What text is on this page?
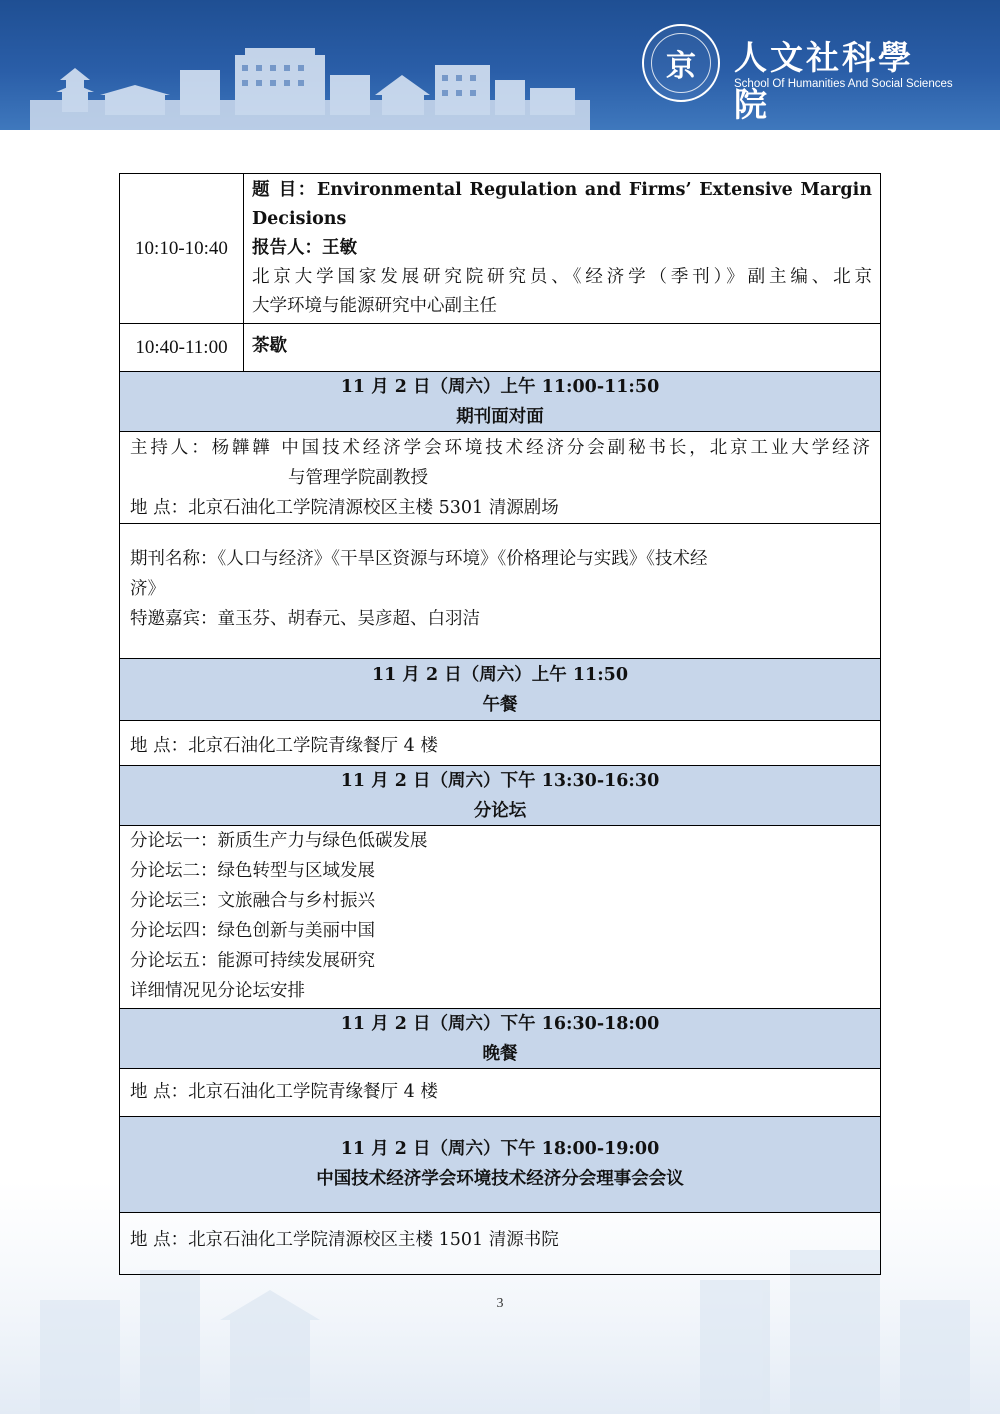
京	人文社科學院
School Of Humanities And Social Sciences
10:10-10:40
题 目：Environmental Regulation and Firms’ Extensive Margin
Decisions
报告人：王敏
北京大学国家发展研究院研究员、《经济学（季刊）》副主编、北京
大学环境与能源研究中心副主任
10:40-11:00	茶歇
11 月 2 日（周六）上午 11:00-11:50
期刊面对面
主持人：杨韡韡 中国技术经济学会环境技术经济分会副秘书长，北京工业大学经济
与管理学院副教授
地 点：北京石油化工学院清源校区主楼 5301 清源剧场
期刊名称：《人口与经济》《干旱区资源与环境》《价格理论与实践》《技术经
济》
特邀嘉宾：童玉芬、胡春元、吴彦超、白羽洁
11 月 2 日（周六）上午 11:50
午餐
地 点：北京石油化工学院青缘餐厅 4 楼
11 月 2 日（周六）下午 13:30-16:30
分论坛
分论坛一：新质生产力与绿色低碳发展
分论坛二：绿色转型与区域发展
分论坛三：文旅融合与乡村振兴
分论坛四：绿色创新与美丽中国
分论坛五：能源可持续发展研究
详细情况见分论坛安排
11 月 2 日（周六）下午 16:30-18:00
晚餐
地 点：北京石油化工学院青缘餐厅 4 楼
11 月 2 日（周六）下午 18:00-19:00
中国技术经济学会环境技术经济分会理事会会议
地 点：北京石油化工学院清源校区主楼 1501 清源书院
3
